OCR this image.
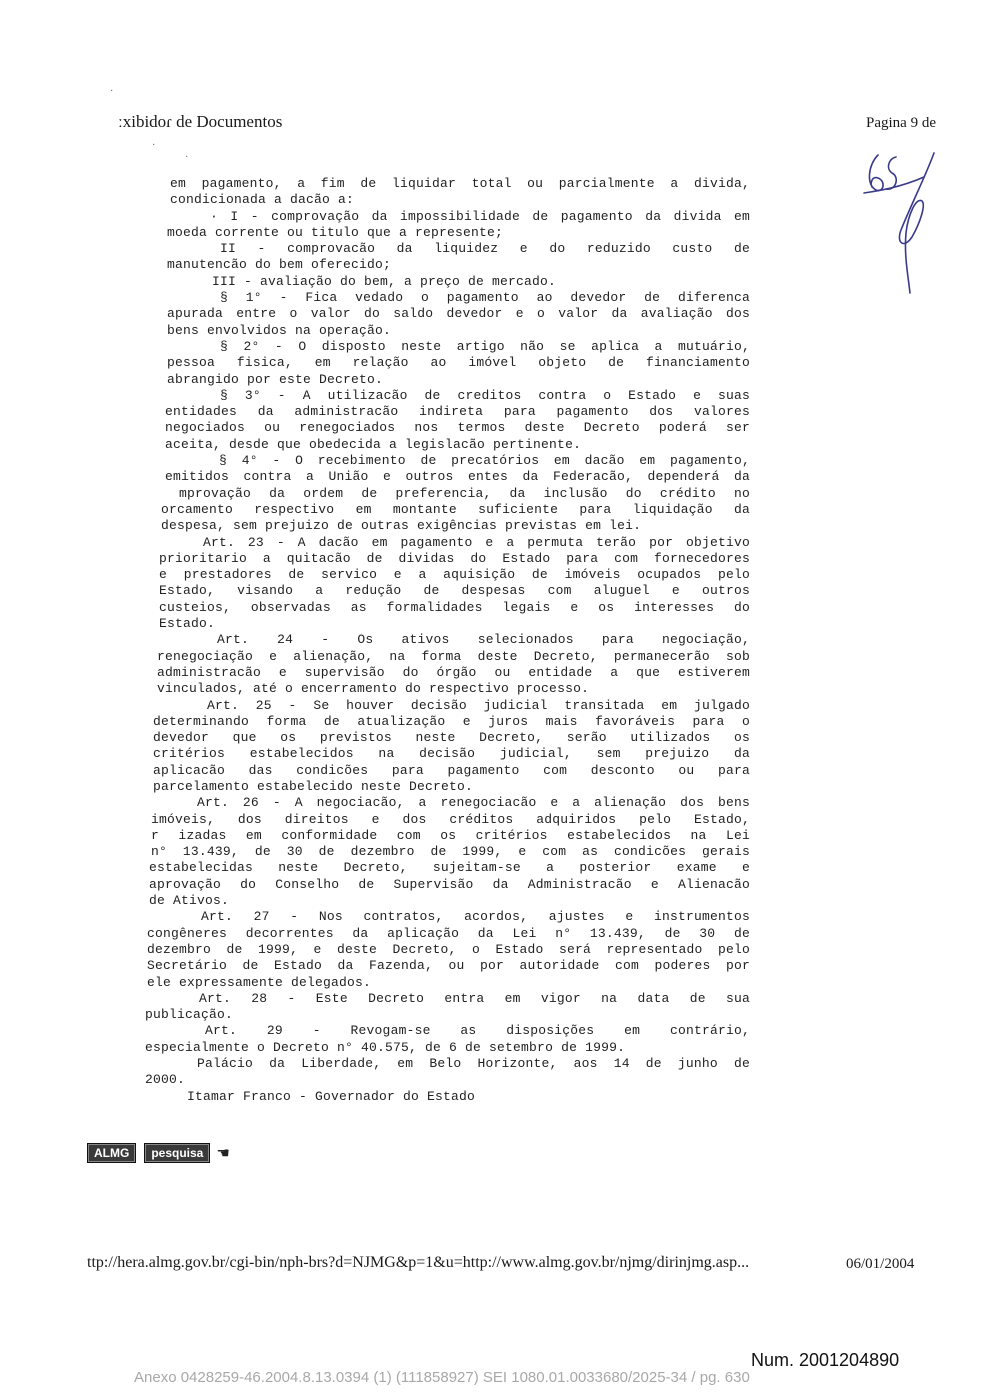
ːxibidoɾ de Documentos	Pagina 9 de
·
·
·
em pagamento, a fim de liquidar total ou parcialmente a divida,
condicionada a dacão a:
· I - comprovação da impossibilidade de pagamento da divida em
moeda corrente ou titulo que a represente;
II - comprovacão da liquidez e do reduzido custo de
manutencão do bem oferecido;
III - avaliação do bem, a preço de mercado.
§ 1° - Fica vedado o pagamento ao devedor de diferenca
apurada entre o valor do saldo devedor e o valor da avaliação dos
bens envolvidos na operação.
§ 2° - O disposto neste artigo não se aplica a mutuário,
pessoa fisica, em relação ao imóvel objeto de financiamento
abrangido por este Decreto.
§ 3° - A utilizacão de creditos contra o Estado e suas
entidades da administracão indireta para pagamento dos valores
negociados ou renegociados nos termos deste Decreto poderá ser
aceita, desde que obedecida a legislacão pertinente.
§ 4° - O recebimento de precatórios em dacão em pagamento,
emitidos contra a União e outros entes da Federacão, dependerá da
mprovação da ordem de preferencia, da inclusão do crédito no
orcamento respectivo em montante suficiente para liquidação da
despesa, sem prejuizo de outras exigências previstas em lei.
Art. 23 - A dacão em pagamento e a permuta terão por objetivo
prioritario a quitacão de dividas do Estado para com fornecedores
e prestadores de servico e a aquisição de imóveis ocupados pelo
Estado, visando a redução de despesas com aluguel e outros
custeios, observadas as formalidades legais e os interesses do
Estado.
Art. 24 - Os ativos selecionados para negociação,
renegociação e alienação, na forma deste Decreto, permanecerão sob
administracão e supervisão do órgão ou entidade a que estiverem
vinculados, até o encerramento do respectivo processo.
Art. 25 - Se houver decisão judicial transitada em julgado
determinando forma de atualização e juros mais favoráveis para o
devedor que os previstos neste Decreto, serão utilizados os
critérios estabelecidos na decisão judicial, sem prejuizo da
aplicacão das condicões para pagamento com desconto ou para
parcelamento estabelecido neste Decreto.
Art. 26 - A negociacão, a renegociacão e a alienação dos bens
imóveis, dos direitos e dos créditos adquiridos pelo Estado,
r izadas em conformidade com os critérios estabelecidos na Lei
n° 13.439, de 30 de dezembro de 1999, e com as condicões gerais
estabelecidas neste Decreto, sujeitam-se a posterior exame e
aprovação do Conselho de Supervisão da Administracão e Alienacão
de Ativos.
Art. 27 - Nos contratos, acordos, ajustes e instrumentos
congêneres decorrentes da aplicação da Lei n° 13.439, de 30 de
dezembro de 1999, e deste Decreto, o Estado será representado pelo
Secretário de Estado da Fazenda, ou por autoridade com poderes por
ele expressamente delegados.
Art. 28 - Este Decreto entra em vigor na data de sua
publicação.
Art. 29 - Revogam-se as disposições em contrário,
especialmente o Decreto n° 40.575, de 6 de setembro de 1999.
Palácio da Liberdade, em Belo Horizonte, aos 14 de junho de
2000.
Itamar Franco - Governador do Estado
ALMG	pesquisa ☚
ttp://hera.almg.gov.br/cgi-bin/nph-brs?d=NJMG&p=1&u=http://www.almg.gov.br/njmg/dirinjmg.asp...	06/01/2004
Num. 2001204890
Anexo 0428259-46.2004.8.13.0394 (1) (111858927) SEI 1080.01.0033680/2025-34 / pg. 630
